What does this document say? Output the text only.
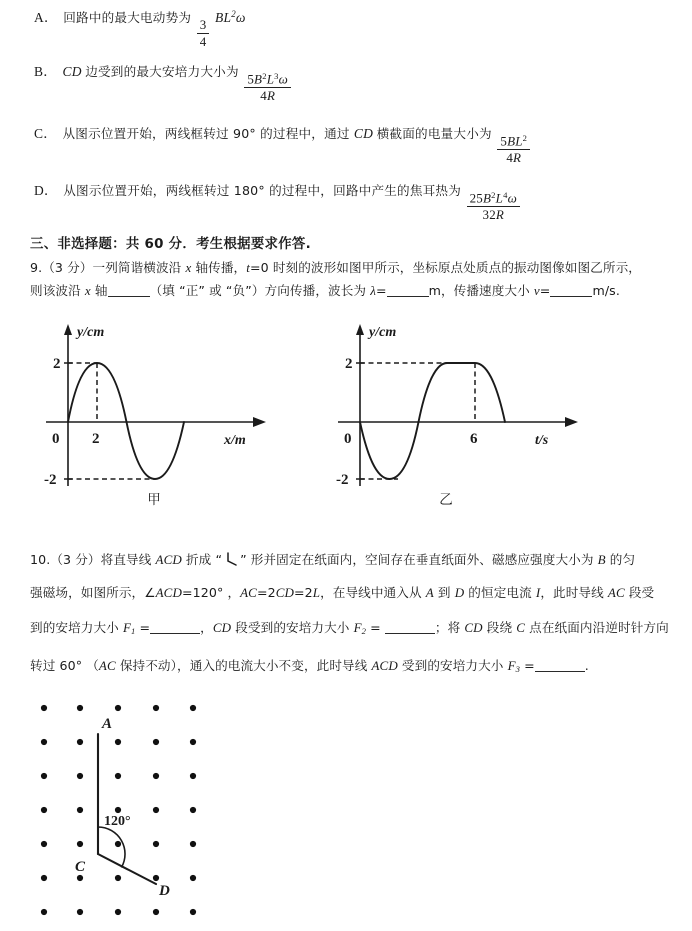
A． 回路中的最大电动势为
$\frac{3}{4}$
$BL^2\omega$
B． CD 边受到的最大安培力大小为
$\frac{5B^2L^3\omega}{4R}$
C． 从图示位置开始，两线框转过 90° 的过程中，通过 CD 横截面的电量大小为
$\frac{5BL^2}{4R}$
D． 从图示位置开始，两线框转过 180° 的过程中，回路中产生的焦耳热为
$\frac{25B^2L^4\omega}{32R}$
三、非选择题：共 60 分．考生根据要求作答.
9.（3 分）一列简谐横波沿 x 轴传播，t=0 时刻的波形如图甲所示，坐标原点处质点的振动图像如图乙所示，
则该波沿 x 轴	（填 “正” 或 “负”）方向传播，波长为 λ=	m，传播速度大小 v=	m/s.
y/cm
x/m
0
2
-2
2
甲
y/cm
t/s
0
2
-2
6
乙
10.（3 分）将直导线 ACD 折成 “ ” 形并固定在纸面内，空间存在垂直纸面外、磁感应强度大小为 B 的匀
强磁场，如图所示，∠ACD=120° ，AC=2CD=2L，在导线中通入从 A 到 D 的恒定电流 I，此时导线 AC 段受
到的安培力大小 $F_1$ =	，CD 段受到的安培力大小 $F_2$ =	；将 CD 段绕 C 点在纸面内沿逆时针方向
转过 60° （AC 保持不动），通入的电流大小不变，此时导线 ACD 受到的安培力大小 $F_3$ =	.
A
C
D
120°
